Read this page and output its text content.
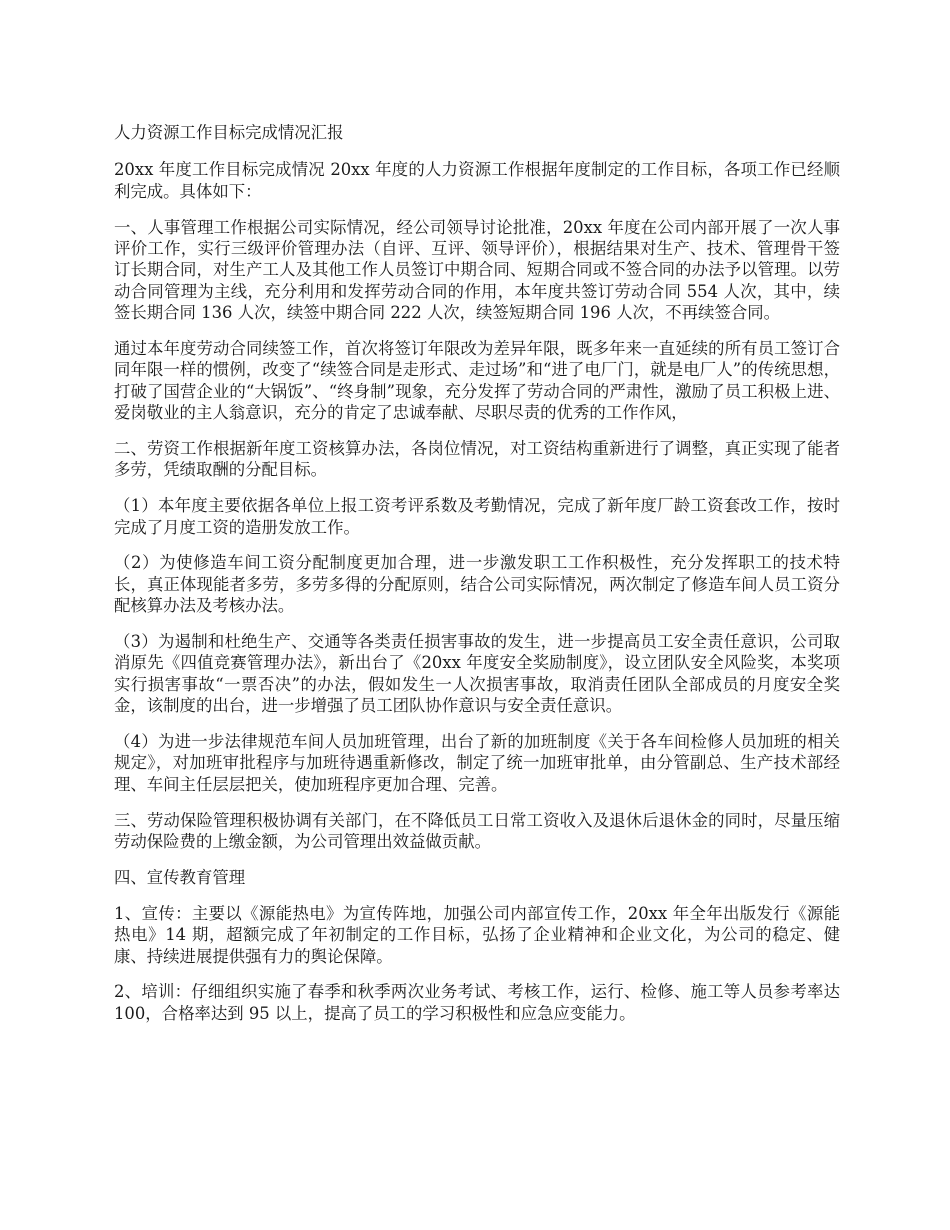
人力资源工作目标完成情况汇报

20xx 年度工作目标完成情况 20xx 年度的人力资源工作根据年度制定的工作目标，各项工作已经顺利完成。具体如下：

一、人事管理工作根据公司实际情况，经公司领导讨论批准，20xx 年度在公司内部开展了一次人事评价工作，实行三级评价管理办法（自评、互评、领导评价），根据结果对生产、技术、管理骨干签订长期合同，对生产工人及其他工作人员签订中期合同、短期合同或不签合同的办法予以管理。以劳动合同管理为主线，充分利用和发挥劳动合同的作用，本年度共签订劳动合同 554 人次，其中，续签长期合同 136 人次，续签中期合同 222 人次，续签短期合同 196 人次，不再续签合同。

通过本年度劳动合同续签工作，首次将签订年限改为差异年限，既多年来一直延续的所有员工签订合同年限一样的惯例，改变了“续签合同是走形式、走过场”和“进了电厂门，就是电厂人”的传统思想，打破了国营企业的“大锅饭”、“终身制”现象，充分发挥了劳动合同的严肃性，激励了员工积极上进、爱岗敬业的主人翁意识，充分的肯定了忠诚奉献、尽职尽责的优秀的工作作风，

二、劳资工作根据新年度工资核算办法，各岗位情况，对工资结构重新进行了调整，真正实现了能者多劳，凭绩取酬的分配目标。

（1）本年度主要依据各单位上报工资考评系数及考勤情况，完成了新年度厂龄工资套改工作，按时完成了月度工资的造册发放工作。

（2）为使修造车间工资分配制度更加合理，进一步激发职工工作积极性，充分发挥职工的技术特长，真正体现能者多劳，多劳多得的分配原则，结合公司实际情况，两次制定了修造车间人员工资分配核算办法及考核办法。

（3）为遏制和杜绝生产、交通等各类责任损害事故的发生，进一步提高员工安全责任意识，公司取消原先《四值竞赛管理办法》，新出台了《20xx 年度安全奖励制度》，设立团队安全风险奖，本奖项实行损害事故“一票否决”的办法，假如发生一人次损害事故，取消责任团队全部成员的月度安全奖金，该制度的出台，进一步增强了员工团队协作意识与安全责任意识。

（4）为进一步法律规范车间人员加班管理，出台了新的加班制度《关于各车间检修人员加班的相关规定》，对加班审批程序与加班待遇重新修改，制定了统一加班审批单，由分管副总、生产技术部经理、车间主任层层把关，使加班程序更加合理、完善。

三、劳动保险管理积极协调有关部门，在不降低员工日常工资收入及退休后退休金的同时，尽量压缩劳动保险费的上缴金额，为公司管理出效益做贡献。

四、宣传教育管理

1、宣传：主要以《源能热电》为宣传阵地，加强公司内部宣传工作，20xx 年全年出版发行《源能热电》14 期，超额完成了年初制定的工作目标，弘扬了企业精神和企业文化，为公司的稳定、健康、持续进展提供强有力的舆论保障。

2、培训：仔细组织实施了春季和秋季两次业务考试、考核工作，运行、检修、施工等人员参考率达 100，合格率达到 95 以上，提高了员工的学习积极性和应急应变能力。
